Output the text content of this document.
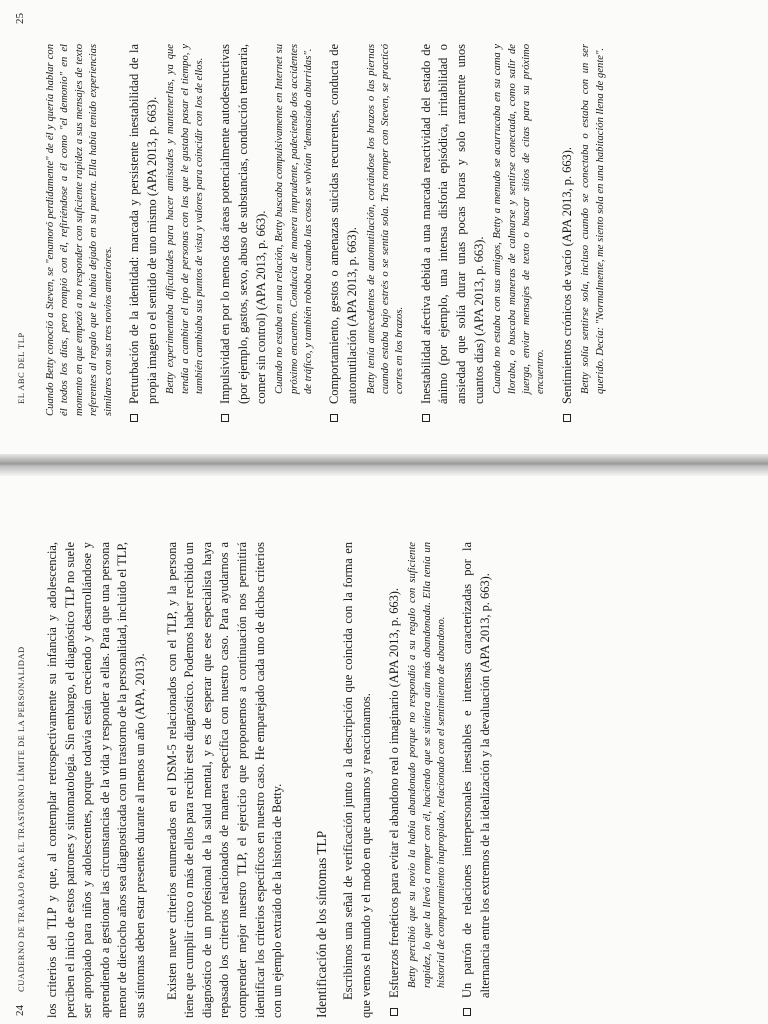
24
CUADERNO DE TRABAJO PARA EL TRASTORNO LÍMITE DE LA PERSONALIDAD los criterios del TLP y que, al contemplar retrospectivamente su infancia y adolescencia, perciben el inicio de estos patrones y sintomatología. Sin embargo, el diagnóstico TLP no suele ser apropiado para niños y adolescentes, porque todavía están creciendo y desarrollándose y aprendiendo a gestionar las circunstancias de la vida y responder a ellas. Para que una persona menor de dieciocho años sea diagnosticada con un trastorno de la personalidad, incluido el TLP, sus síntomas deben estar presentes durante al menos un año (APA, 2013). Existen nueve criterios enumerados en el DSM-5 relacionados con el TLP, y la persona tiene que cumplir cinco o más de ellos para recibir este diagnóstico. Podemos haber recibido un diagnóstico de un profesional de la salud mental, y es de esperar que ese especialista haya repasado los criterios relacionados de manera específica con nuestro caso. Para ayudarnos a comprender mejor nuestro TLP, el ejercicio que proponemos a continuación nos permitirá identificar los criterios específicos en nuestro caso. He emparejado cada uno de dichos criterios con un ejemplo extraído de la historia de Betty. Identificación de los síntomas TLP Escribimos una señal de verificación junto a la descripción que coincida con la forma en que vemos el mundo y el modo en que actuamos y reaccionamos. Esfuerzos frenéticos para evitar el abandono real o imaginario (APA 2013, p. 663). Betty percibió que su novio la había abandonado porque no respondió a su regalo con suficiente rapidez, lo que la llevó a romper con él, haciendo que se sintiera aún más abandonada. Ella tenía un historial de comportamiento inapropiado, relacionado con el sentimiento de abandono. Un patrón de relaciones interpersonales inestables e intensas caracterizadas por la alternancia entre los extremos de la idealización y la devaluación (APA 2013, p. 663).
EL ABC DEL TLP
25
Cuando Betty conoció a Steven, se "enamoró perdidamente" de él y quería hablar con él todos los días, pero rompió con él, refiriéndose a él como "el demonio" en el momento en que empezó a no responder con suficiente rapidez a sus mensajes de texto referentes al regalo que le había dejado en su puerta. Ella había tenido experiencias similares con sus tres novios anteriores. Perturbación de la identidad: marcada y persistente inestabilidad de la propia imagen o el sentido de uno mismo (APA 2013, p. 663). Betty experimentaba dificultades para hacer amistades y mantenerlas, ya que tendía a cambiar el tipo de personas con las que le gustaba pasar el tiempo, y también cambiaba sus puntos de vista y valores para coincidir con los de ellos. Impulsividad en por lo menos dos áreas potencialmente autodestructivas (por ejemplo, gastos, sexo, abuso de substancias, conducción temeraria, comer sin control) (APA 2013, p. 663). Cuando no estaba en una relación, Betty buscaba compulsivamente en Internet su próximo encuentro. Conducía de manera imprudente, padeciendo dos accidentes de tráfico, y también robaba cuando las cosas se volvían "demasiado aburridas". Comportamiento, gestos o amenazas suicidas recurrentes, conducta de automutilación (APA 2013, p. 663). Betty tenía antecedentes de automutilación, cortándose los brazos o las piernas cuando estaba bajo estrés o se sentía sola. Tras romper con Steven, se practicó cortes en los brazos. Inestabilidad afectiva debida a una marcada reactividad del estado de ánimo (por ejemplo, una intensa disforia episódica, irritabilidad o ansiedad que solía durar unas pocas horas y solo raramente unos cuantos días) (APA 2013, p. 663). Cuando no estaba con sus amigos, Betty a menudo se acurrucaba en su cama y lloraba, o buscaba maneras de calmarse y sentirse conectada, como salir de juerga, enviar mensajes de texto o buscar sitios de citas para su próximo encuentro. Sentimientos crónicos de vacío (APA 2013, p. 663). Betty solía sentirse sola, incluso cuando se conectaba o estaba con un ser querido. Decía: "Normalmente, me siento sola en una habitación llena de gente".
